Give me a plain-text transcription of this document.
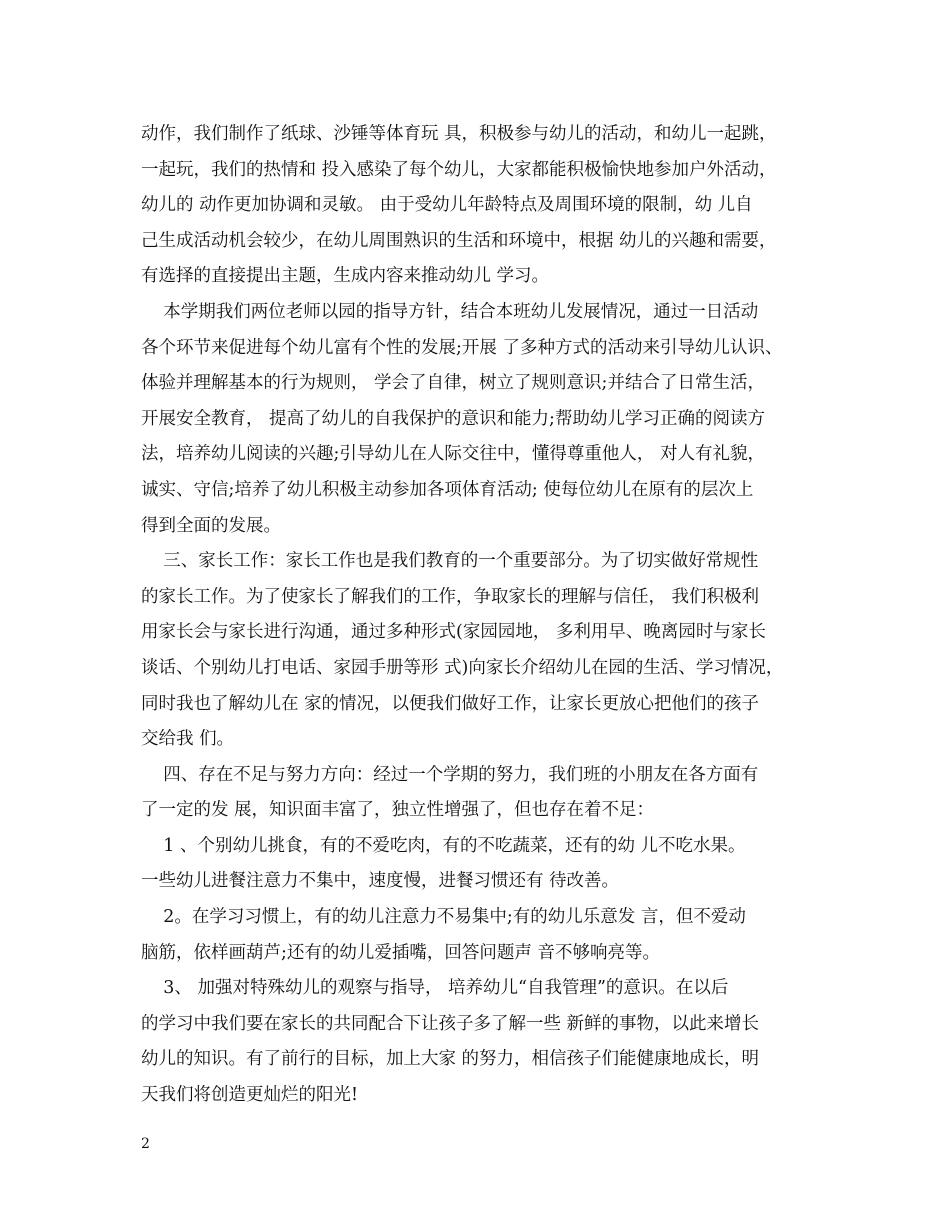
动作，我们制作了纸球、沙锤等体育玩 具，积极参与幼儿的活动，和幼儿一起跳，
一起玩，我们的热情和 投入感染了每个幼儿，大家都能积极愉快地参加户外活动，
幼儿的 动作更加协调和灵敏。 由于受幼儿年龄特点及周围环境的限制，幼 儿自
己生成活动机会较少，在幼儿周围熟识的生活和环境中，根据 幼儿的兴趣和需要，
有选择的直接提出主题，生成内容来推动幼儿 学习。
本学期我们两位老师以园的指导方针，结合本班幼儿发展情况，通过一日活动
各个环节来促进每个幼儿富有个性的发展;开展 了多种方式的活动来引导幼儿认识、
体验并理解基本的行为规则， 学会了自律，树立了规则意识;并结合了日常生活，
开展安全教育， 提高了幼儿的自我保护的意识和能力;帮助幼儿学习正确的阅读方
法，培养幼儿阅读的兴趣;引导幼儿在人际交往中，懂得尊重他人， 对人有礼貌，
诚实、守信;培养了幼儿积极主动参加各项体育活动; 使每位幼儿在原有的层次上
得到全面的发展。
三、家长工作：家长工作也是我们教育的一个重要部分。为了切实做好常规性
的家长工作。为了使家长了解我们的工作，争取家长的理解与信任， 我们积极利
用家长会与家长进行沟通，通过多种形式(家园园地， 多利用早、晚离园时与家长
谈话、个别幼儿打电话、家园手册等形 式)向家长介绍幼儿在园的生活、学习情况，
同时我也了解幼儿在 家的情况，以便我们做好工作，让家长更放心把他们的孩子
交给我 们。
四、存在不足与努力方向：经过一个学期的努力，我们班的小朋友在各方面有
了一定的发 展，知识面丰富了，独立性增强了，但也存在着不足：
1 、个别幼儿挑食，有的不爱吃肉，有的不吃蔬菜，还有的幼 儿不吃水果。
一些幼儿进餐注意力不集中，速度慢，进餐习惯还有 待改善。
2。在学习习惯上，有的幼儿注意力不易集中;有的幼儿乐意发 言，但不爱动
脑筋，依样画葫芦;还有的幼儿爱插嘴，回答问题声 音不够响亮等。
3、 加强对特殊幼儿的观察与指导， 培养幼儿“自我管理”的意识。在以后
的学习中我们要在家长的共同配合下让孩子多了解一些 新鲜的事物，以此来增长
幼儿的知识。有了前行的目标，加上大家 的努力，相信孩子们能健康地成长，明
天我们将创造更灿烂的阳光!
2
